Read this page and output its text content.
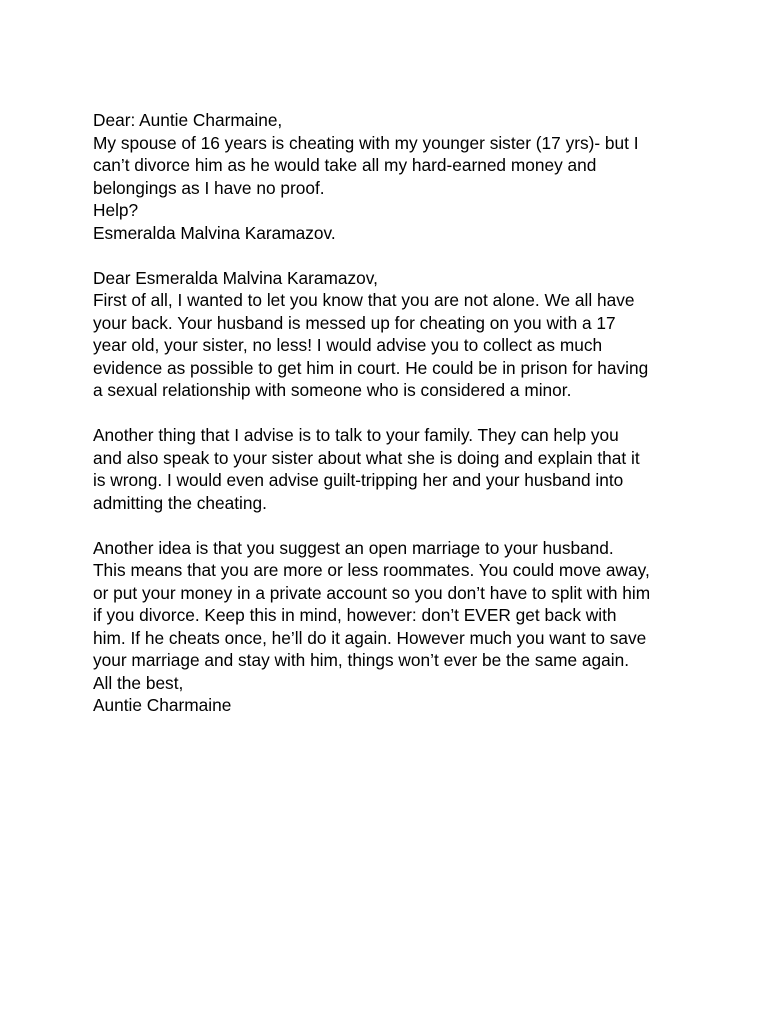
Dear: Auntie Charmaine,
My spouse of 16 years is cheating with my younger sister (17 yrs)- but I
can’t divorce him as he would take all my hard-earned money and
belongings as I have no proof.
Help?
Esmeralda Malvina Karamazov.
Dear Esmeralda Malvina Karamazov,
First of all, I wanted to let you know that you are not alone. We all have
your back. Your husband is messed up for cheating on you with a 17
year old, your sister, no less! I would advise you to collect as much
evidence as possible to get him in court. He could be in prison for having
a sexual relationship with someone who is considered a minor.
Another thing that I advise is to talk to your family. They can help you
and also speak to your sister about what she is doing and explain that it
is wrong. I would even advise guilt-tripping her and your husband into
admitting the cheating.
Another idea is that you suggest an open marriage to your husband.
This means that you are more or less roommates. You could move away,
or put your money in a private account so you don’t have to split with him
if you divorce. Keep this in mind, however: don’t EVER get back with
him. If he cheats once, he’ll do it again. However much you want to save
your marriage and stay with him, things won’t ever be the same again.
All the best,
Auntie Charmaine
